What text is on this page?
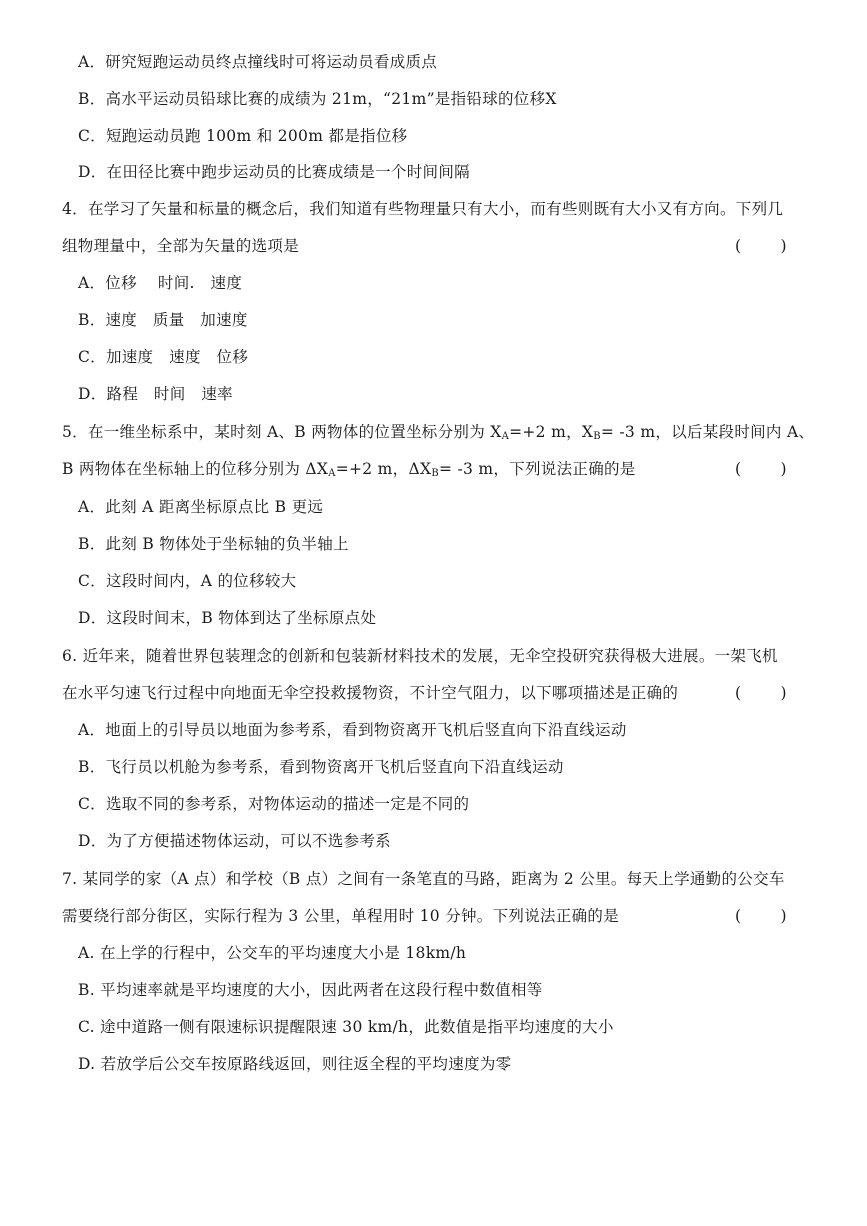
A．研究短跑运动员终点撞线时可将运动员看成质点
B．高水平运动员铅球比赛的成绩为 21m，“21m”是指铅球的位移X
C．短跑运动员跑 100m 和 200m 都是指位移
D．在田径比赛中跑步运动员的比赛成绩是一个时间间隔
4．在学习了矢量和标量的概念后，我们知道有些物理量只有大小，而有些则既有大小又有方向。下列几
组物理量中，全部为矢量的选项是	(        )
A．位移　 时间.　速度
B．速度　质量　加速度
C．加速度　速度　位移
D．路程　时间　速率
5．在一维坐标系中，某时刻 A、B 两物体的位置坐标分别为 $X_A=+2$ m，$X_B= -3$ m，以后某段时间内 A、
B 两物体在坐标轴上的位移分别为 $\Delta X_A=+2$ m，$\Delta X_B= -3$ m，下列说法正确的是	(        )
A．此刻 A 距离坐标原点比 B 更远
B．此刻 B 物体处于坐标轴的负半轴上
C．这段时间内，A 的位移较大
D．这段时间末，B 物体到达了坐标原点处
6. 近年来，随着世界包装理念的创新和包装新材料技术的发展，无伞空投研究获得极大进展。一架飞机
在水平匀速飞行过程中向地面无伞空投救援物资，不计空气阻力，以下哪项描述是正确的	(        )
A．地面上的引导员以地面为参考系，看到物资离开飞机后竖直向下沿直线运动
B．飞行员以机舱为参考系，看到物资离开飞机后竖直向下沿直线运动
C．选取不同的参考系，对物体运动的描述一定是不同的
D．为了方便描述物体运动，可以不选参考系
7. 某同学的家（A 点）和学校（B 点）之间有一条笔直的马路，距离为 2 公里。每天上学通勤的公交车
需要绕行部分街区，实际行程为 3 公里，单程用时 10 分钟。下列说法正确的是	(        )
A. 在上学的行程中，公交车的平均速度大小是 18km/h
B. 平均速率就是平均速度的大小，因此两者在这段行程中数值相等
C. 途中道路一侧有限速标识提醒限速 30 km/h，此数值是指平均速度的大小
D. 若放学后公交车按原路线返回，则往返全程的平均速度为零
